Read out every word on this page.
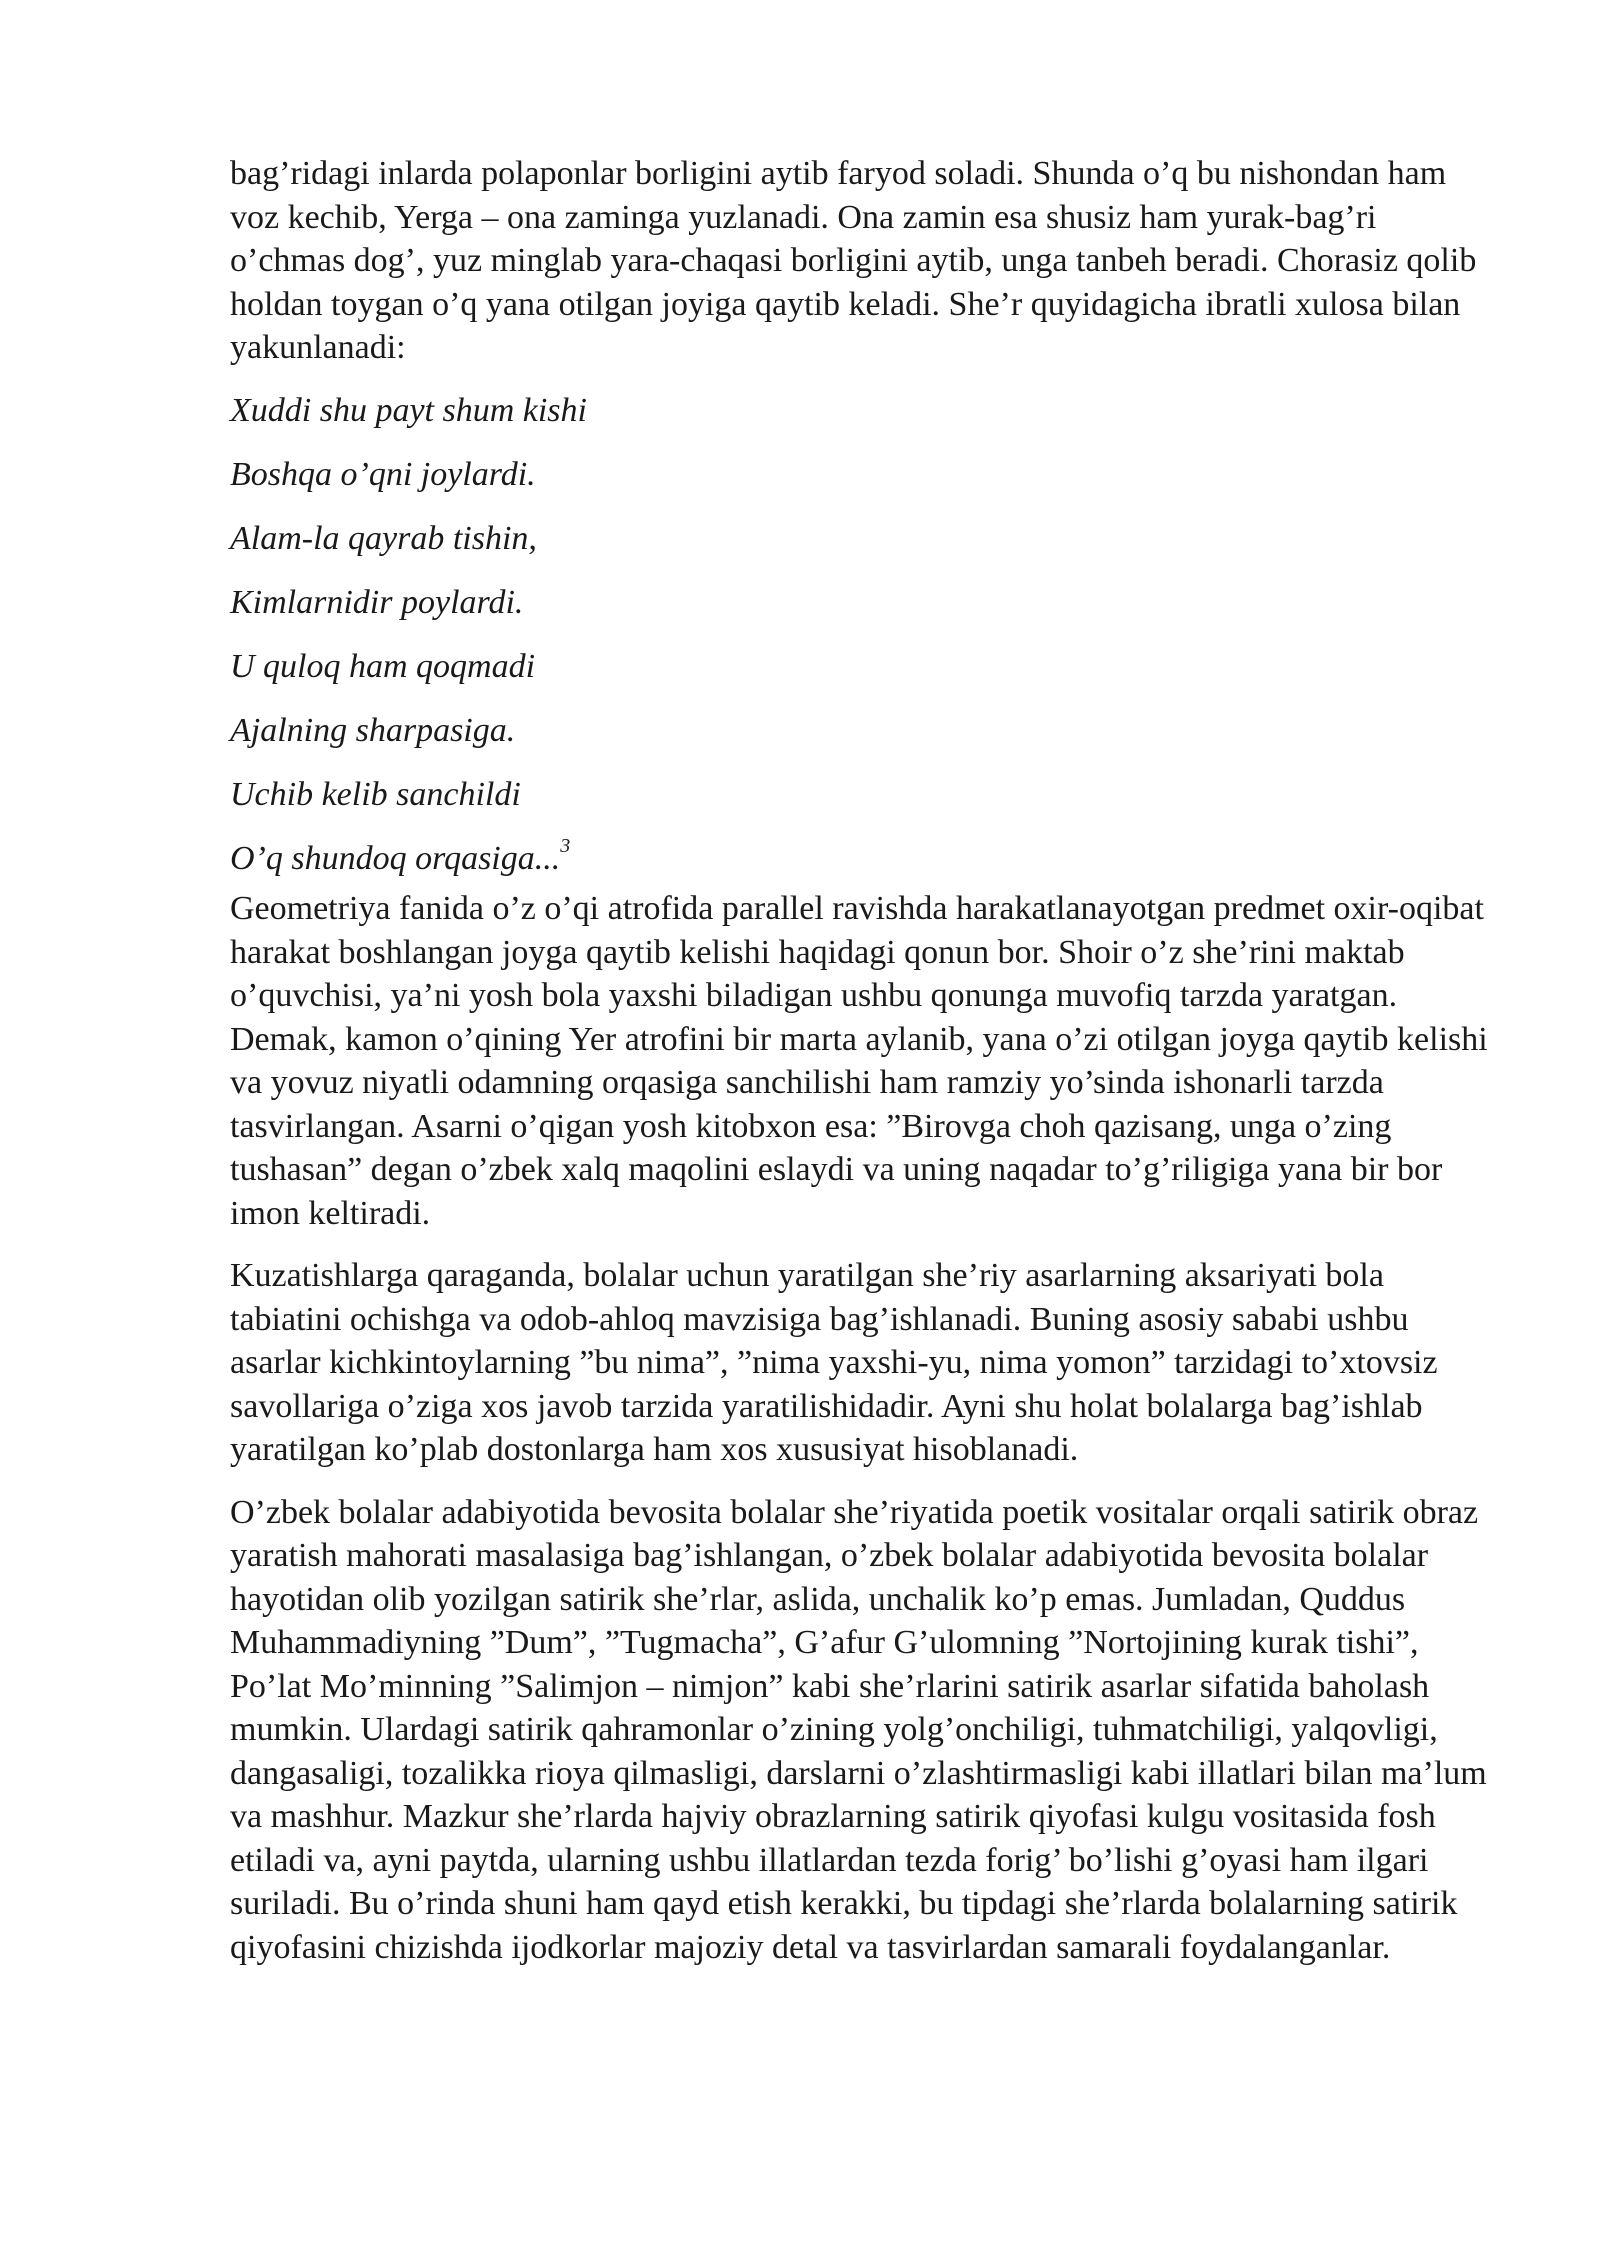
bag’ridagi inlarda polaponlar borligini aytib faryod soladi. Shunda o’q bu nishondan ham voz kechib, Yerga – ona zaminga yuzlanadi. Ona zamin esa shusiz ham yurak-bag’ri o’chmas dog’, yuz minglab yara-chaqasi borligini aytib, unga tanbeh beradi. Chorasiz qolib holdan toygan o’q yana otilgan joyiga qaytib keladi. She’r quyidagicha ibratli xulosa bilan yakunlanadi:

Xuddi shu payt shum kishi

Boshqa o’qni joylardi.

Alam-la qayrab tishin,

Kimlarnidir poylardi.

U quloq ham qoqmadi

Ajalning sharpasiga.

Uchib kelib sanchildi

O’q shundoq orqasiga...$^3$

Geometriya fanida o’z o’qi atrofida parallel ravishda harakatlanayotgan predmet oxir-oqibat harakat boshlangan joyga qaytib kelishi haqidagi qonun bor. Shoir o’z she’rini maktab o’quvchisi, ya’ni yosh bola yaxshi biladigan ushbu qonunga muvofiq tarzda yaratgan. Demak, kamon o’qining Yer atrofini bir marta aylanib, yana o’zi otilgan joyga qaytib kelishi va yovuz niyatli odamning orqasiga sanchilishi ham ramziy yo’sinda ishonarli tarzda tasvirlangan. Asarni o’qigan yosh kitobxon esa: ”Birovga choh qazisang, unga o’zing tushasan” degan o’zbek xalq maqolini eslaydi va uning naqadar to’g’riligiga yana bir bor imon keltiradi.

Kuzatishlarga qaraganda, bolalar uchun yaratilgan she’riy asarlarning aksariyati bola tabiatini ochishga va odob-ahloq mavzisiga bag’ishlanadi. Buning asosiy sababi ushbu asarlar kichkintoylarning ”bu nima”, ”nima yaxshi-yu, nima yomon” tarzidagi to’xtovsiz savollariga o’ziga xos javob tarzida yaratilishidadir. Ayni shu holat bolalarga bag’ishlab yaratilgan ko’plab dostonlarga ham xos xususiyat hisoblanadi.

O’zbek bolalar adabiyotida bevosita bolalar she’riyatida poetik vositalar orqali satirik obraz yaratish mahorati masalasiga bag’ishlangan, o’zbek bolalar adabiyotida bevosita bolalar hayotidan olib yozilgan satirik she’rlar, aslida, unchalik ko’p emas. Jumladan, Quddus Muhammadiyning ”Dum”, ”Tugmacha”, G’afur G’ulomning ”Nortojining kurak tishi”, Po’lat Mo’minning ”Salimjon – nimjon” kabi she’rlarini satirik asarlar sifatida baholash mumkin. Ulardagi satirik qahramonlar o’zining yolg’onchiligi, tuhmatchiligi, yalqovligi, dangasaligi, tozalikka rioya qilmasligi, darslarni o’zlashtirmasligi kabi illatlari bilan ma’lum va mashhur. Mazkur she’rlarda hajviy obrazlarning satirik qiyofasi kulgu vositasida fosh etiladi va, ayni paytda, ularning ushbu illatlardan tezda forig’ bo’lishi g’oyasi ham ilgari suriladi. Bu o’rinda shuni ham qayd etish kerakki, bu tipdagi she’rlarda bolalarning satirik qiyofasini chizishda ijodkorlar majoziy detal va tasvirlardan samarali foydalanganlar.
